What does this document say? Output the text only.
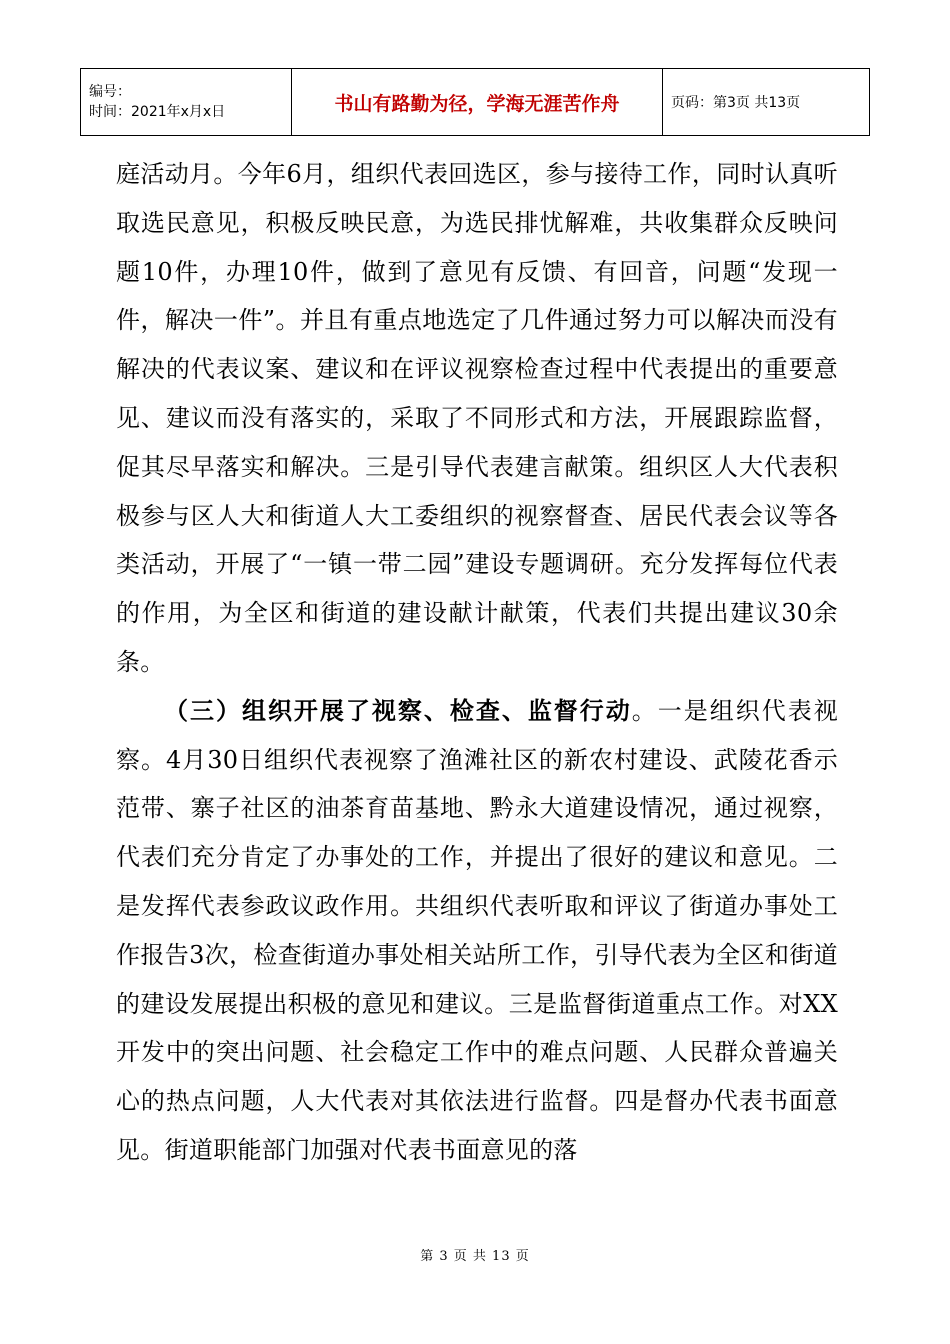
编号：
时间：2021年x月x日	书山有路勤为径，学海无涯苦作舟	页码：第3页 共13页

庭活动月。今年6月，组织代表回选区，参与接待工作，同时认真听取选民意见，积极反映民意，为选民排忧解难，共收集群众反映问题10件，办理10件，做到了意见有反馈、有回音，问题“发现一件，解决一件”。并且有重点地选定了几件通过努力可以解决而没有解决的代表议案、建议和在评议视察检查过程中代表提出的重要意见、建议而没有落实的，采取了不同形式和方法，开展跟踪监督，促其尽早落实和解决。三是引导代表建言献策。组织区人大代表积极参与区人大和街道人大工委组织的视察督查、居民代表会议等各类活动，开展了“一镇一带二园”建设专题调研。充分发挥每位代表的作用，为全区和街道的建设献计献策，代表们共提出建议30余条。

（三）组织开展了视察、检查、监督行动。一是组织代表视察。4月30日组织代表视察了渔滩社区的新农村建设、武陵花香示范带、寨子社区的油茶育苗基地、黔永大道建设情况，通过视察，代表们充分肯定了办事处的工作，并提出了很好的建议和意见。二是发挥代表参政议政作用。共组织代表听取和评议了街道办事处工作报告3次，检查街道办事处相关站所工作，引导代表为全区和街道的建设发展提出积极的意见和建议。三是监督街道重点工作。对XX开发中的突出问题、社会稳定工作中的难点问题、人民群众普遍关心的热点问题，人大代表对其依法进行监督。四是督办代表书面意见。街道职能部门加强对代表书面意见的落

第 3 页 共 13 页
